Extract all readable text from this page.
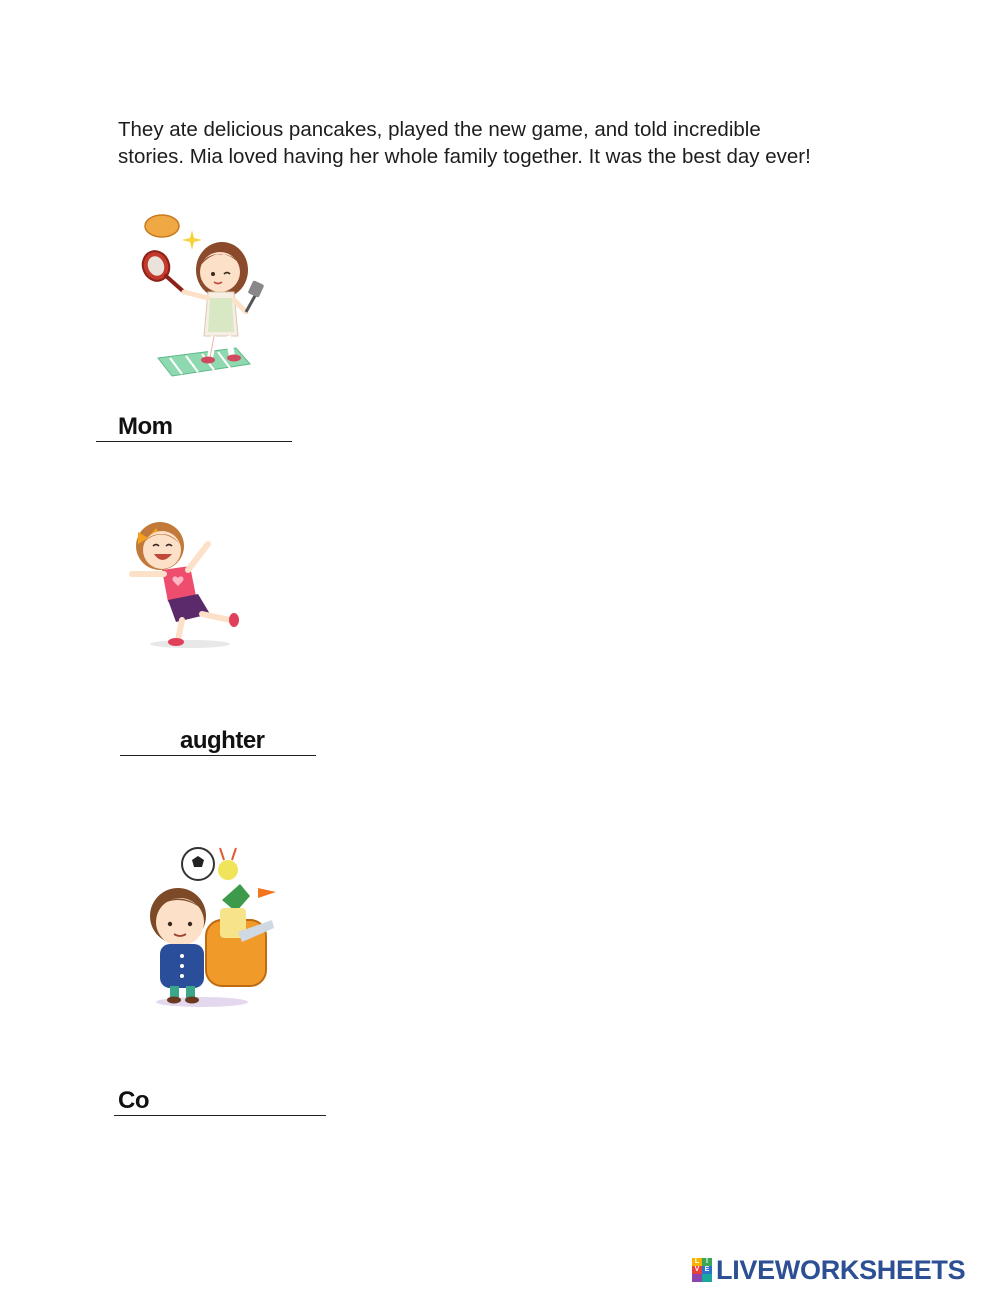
They ate delicious pancakes, played the new game, and told incredible

stories. Mia loved having her whole family together. It was the best day ever!

Mom
aughter
Co
L I
V E LIVEWORKSHEETS
